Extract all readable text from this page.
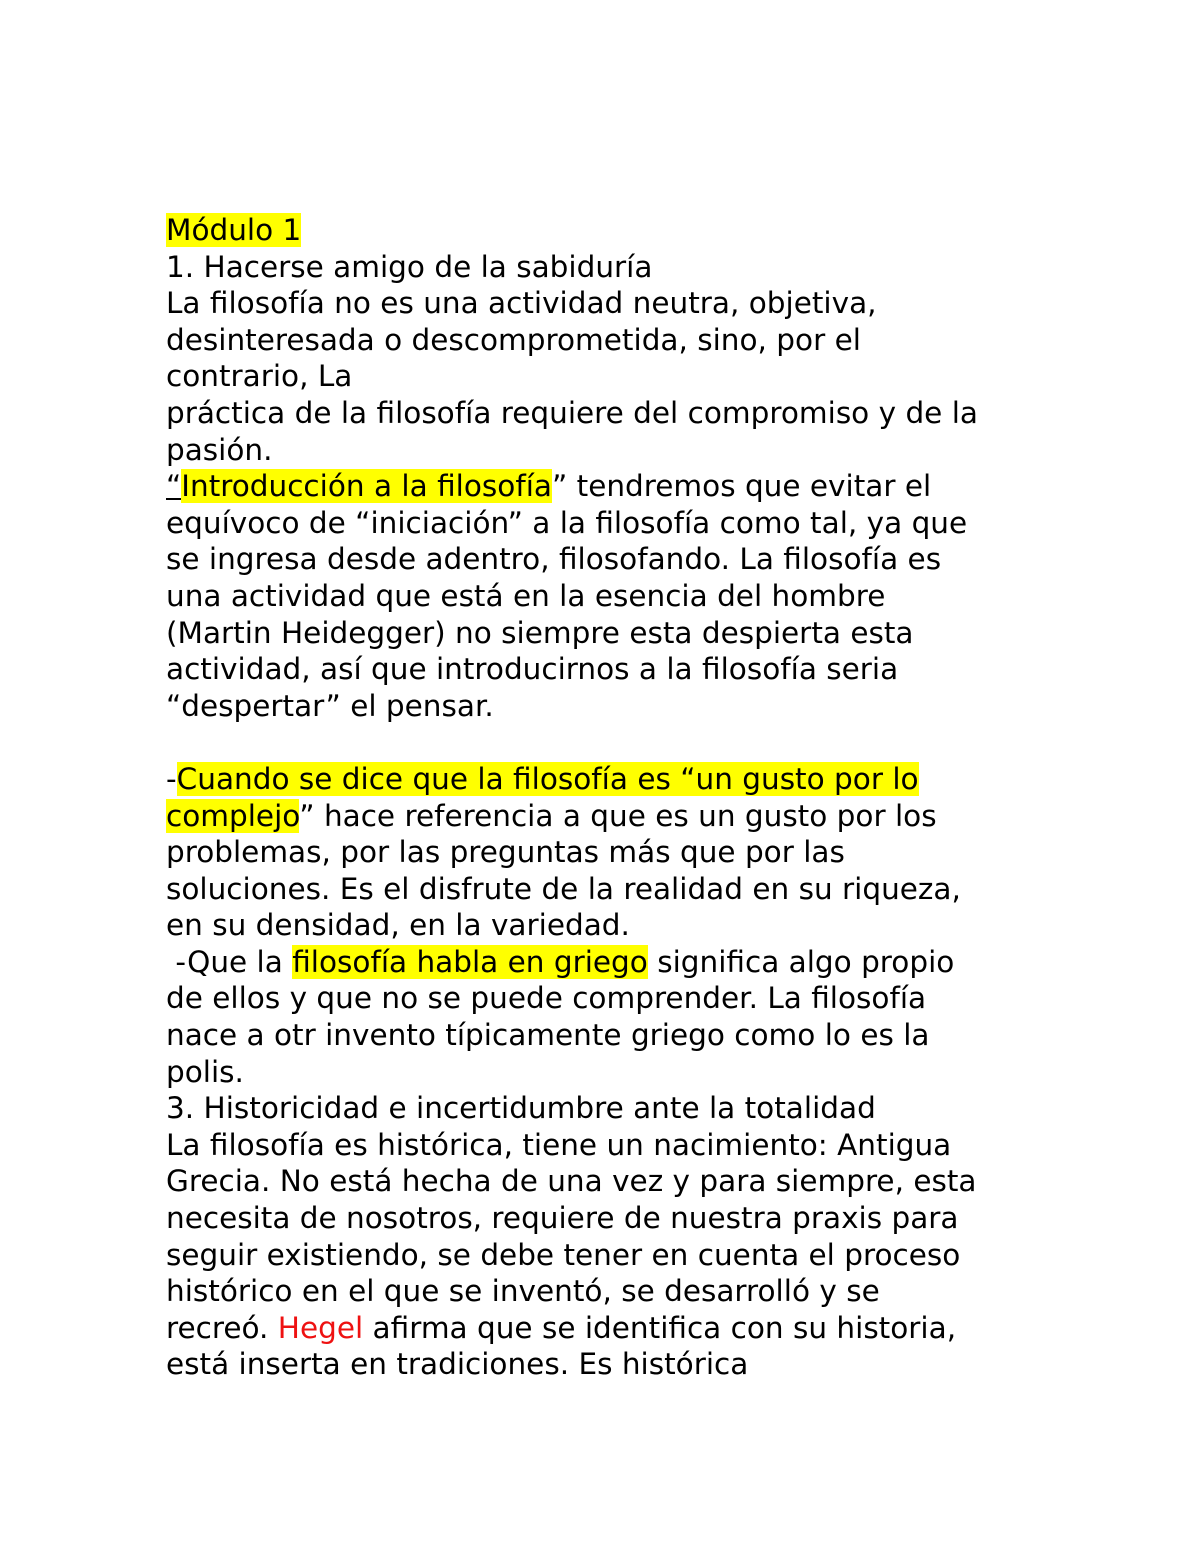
Módulo 1
1. Hacerse amigo de la sabiduría
La filosofía no es una actividad neutra, objetiva,
desinteresada o descomprometida, sino, por el
contrario, La
práctica de la filosofía requiere del compromiso y de la
pasión.
“Introducción a la filosofía” tendremos que evitar el
equívoco de “iniciación” a la filosofía como tal, ya que
se ingresa desde adentro, filosofando. La filosofía es
una actividad que está en la esencia del hombre
(Martin Heidegger) no siempre esta despierta esta
actividad, así que introducirnos a la filosofía seria
“despertar” el pensar.
-Cuando se dice que la filosofía es “un gusto por lo
complejo” hace referencia a que es un gusto por los
problemas, por las preguntas más que por las
soluciones. Es el disfrute de la realidad en su riqueza,
en su densidad, en la variedad.
-Que la filosofía habla en griego significa algo propio
de ellos y que no se puede comprender. La filosofía
nace a otr invento típicamente griego como lo es la
polis.
3. Historicidad e incertidumbre ante la totalidad
La filosofía es histórica, tiene un nacimiento: Antigua
Grecia. No está hecha de una vez y para siempre, esta
necesita de nosotros, requiere de nuestra praxis para
seguir existiendo, se debe tener en cuenta el proceso
histórico en el que se inventó, se desarrolló y se
recreó. Hegel afirma que se identifica con su historia,
está inserta en tradiciones. Es histórica
